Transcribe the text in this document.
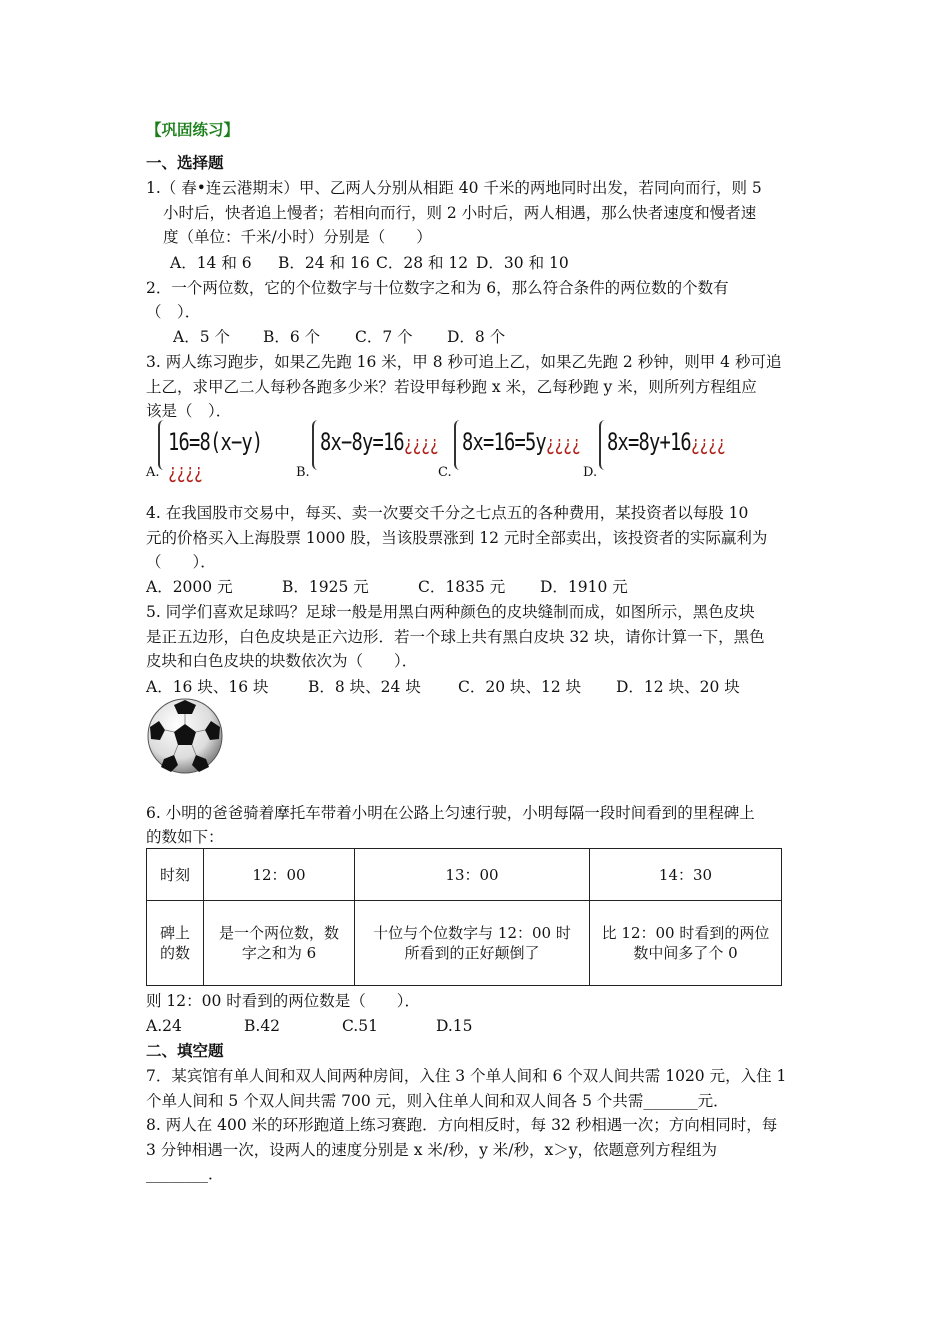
【巩固练习】
一、选择题
1.（ 春•连云港期末）甲、乙两人分别从相距 40 千米的两地同时出发，若同向而行，则 5
小时后，快者追上慢者；若相向而行，则 2 小时后，两人相遇，那么快者速度和慢者速
度（单位：千米/小时）分别是（　　）
A．14 和 6 B．24 和 16 C．28 和 12 D．30 和 10
2．一个两位数，它的个位数字与十位数字之和为 6，那么符合条件的两位数的个数有
（　）．
A．5 个 B．6 个 C．7 个 D．8 个
3. 两人练习跑步，如果乙先跑 16 米，甲 8 秒可追上乙，如果乙先跑 2 秒钟，则甲 4 秒可追
上乙，求甲乙二人每秒各跑多少米？若设甲每秒跑 x 米，乙每秒跑 y 米，则所列方程组应
该是（　）．
A.
16=8(x−y)¿¿¿¿	B.
8x−8y=16¿¿¿¿
C.
8x=16=5y¿¿¿¿
D.
8x=8y+16¿¿¿¿
4. 在我国股市交易中，每买、卖一次要交千分之七点五的各种费用，某投资者以每股 10
元的价格买入上海股票 1000 股，当该股票涨到 12 元时全部卖出，该投资者的实际赢利为
（　　）．
A．2000 元	B．1925 元	C．1835 元 D．1910 元
5. 同学们喜欢足球吗？足球一般是用黑白两种颜色的皮块缝制而成，如图所示，黑色皮块
是正五边形，白色皮块是正六边形．若一个球上共有黑白皮块 32 块，请你计算一下，黑色
皮块和白色皮块的块数依次为（　　）．
A．16 块、16 块	B．8 块、24 块 C．20 块、12 块 D．12 块、20 块
6. 小明的爸爸骑着摩托车带着小明在公路上匀速行驶，小明每隔一段时间看到的里程碑上
的数如下：
时刻	12：00	13：00	14：30
碑上
的数	是一个两位数，数
字之和为 6	十位与个位数字与 12：00 时
所看到的正好颠倒了	比 12：00 时看到的两位
数中间多了个 0
则 12：00 时看到的两位数是（　　）．
A.24	B.42	C.51	D.15
二、填空题
7．某宾馆有单人间和双人间两种房间，入住 3 个单人间和 6 个双人间共需 1020 元，入住 1
个单人间和 5 个双人间共需 700 元，则入住单人间和双人间各 5 个共需_______元．
8. 两人在 400 米的环形跑道上练习赛跑．方向相反时，每 32 秒相遇一次；方向相同时，每
3 分钟相遇一次，设两人的速度分别是 x 米/秒，y 米/秒，x＞y，依题意列方程组为
________．
